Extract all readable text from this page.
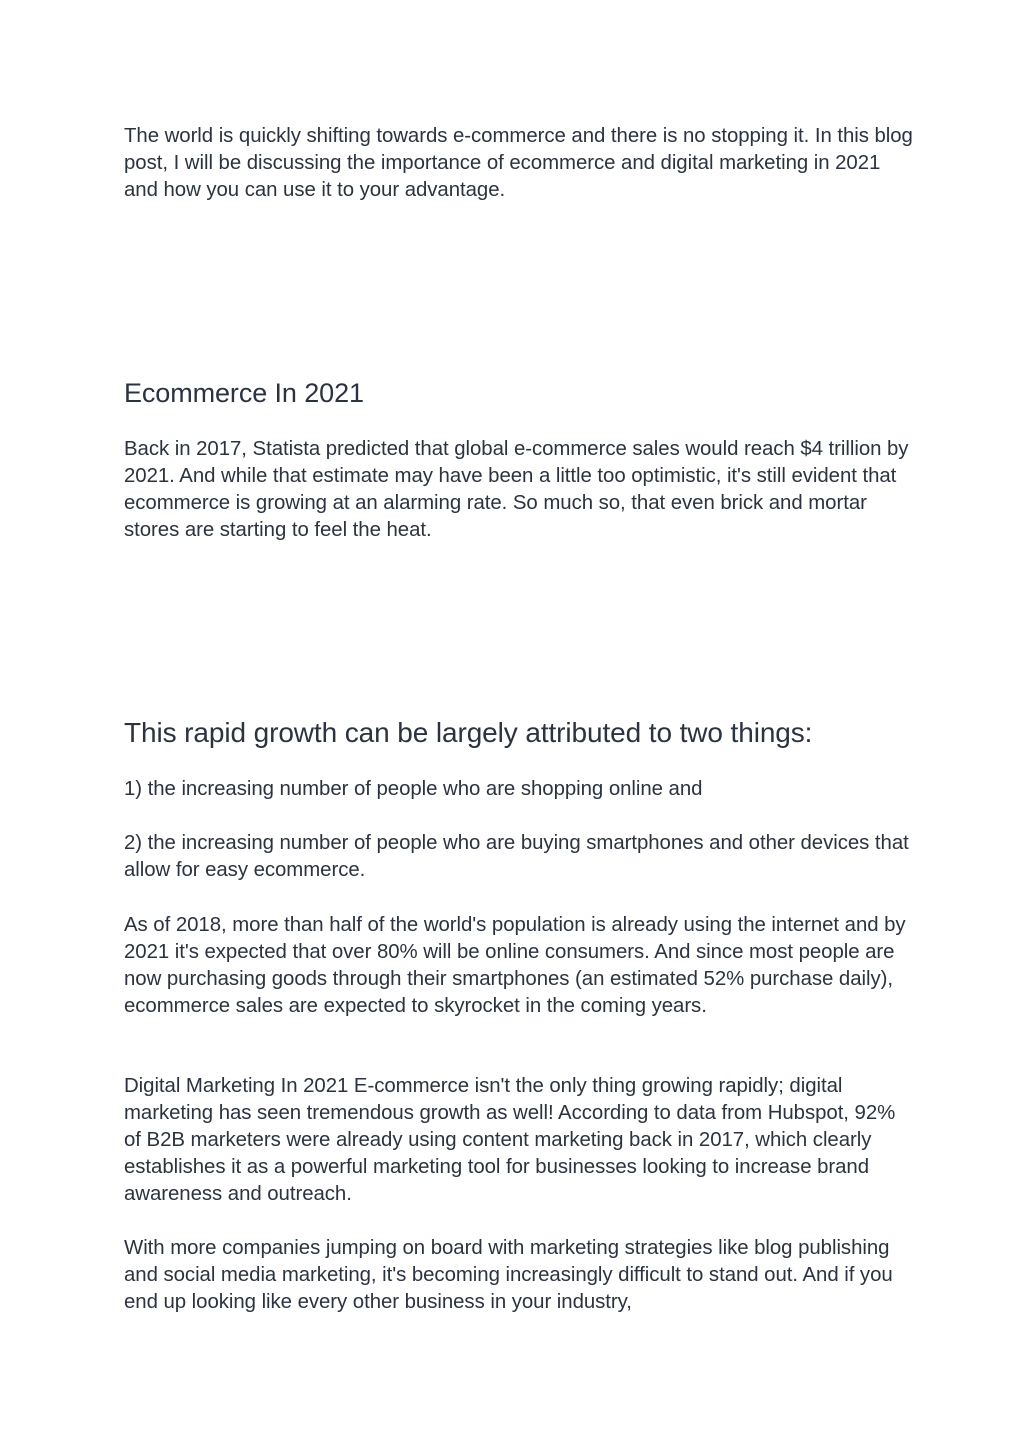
The world is quickly shifting towards e-commerce and there is no stopping it. In this blog post, I will be discussing the importance of ecommerce and digital marketing in 2021 and how you can use it to your advantage.

Ecommerce In 2021

Back in 2017, Statista predicted that global e-commerce sales would reach $4 trillion by 2021. And while that estimate may have been a little too optimistic, it's still evident that ecommerce is growing at an alarming rate. So much so, that even brick and mortar stores are starting to feel the heat.

This rapid growth can be largely attributed to two things:

1) the increasing number of people who are shopping online and

2) the increasing number of people who are buying smartphones and other devices that allow for easy ecommerce.

As of 2018, more than half of the world's population is already using the internet and by 2021 it's expected that over 80% will be online consumers. And since most people are now purchasing goods through their smartphones (an estimated 52% purchase daily), ecommerce sales are expected to skyrocket in the coming years.

Digital Marketing In 2021 E-commerce isn't the only thing growing rapidly; digital marketing has seen tremendous growth as well! According to data from Hubspot, 92% of B2B marketers were already using content marketing back in 2017, which clearly establishes it as a powerful marketing tool for businesses looking to increase brand awareness and outreach.

With more companies jumping on board with marketing strategies like blog publishing and social media marketing, it's becoming increasingly difficult to stand out. And if you end up looking like every other business in your industry,
